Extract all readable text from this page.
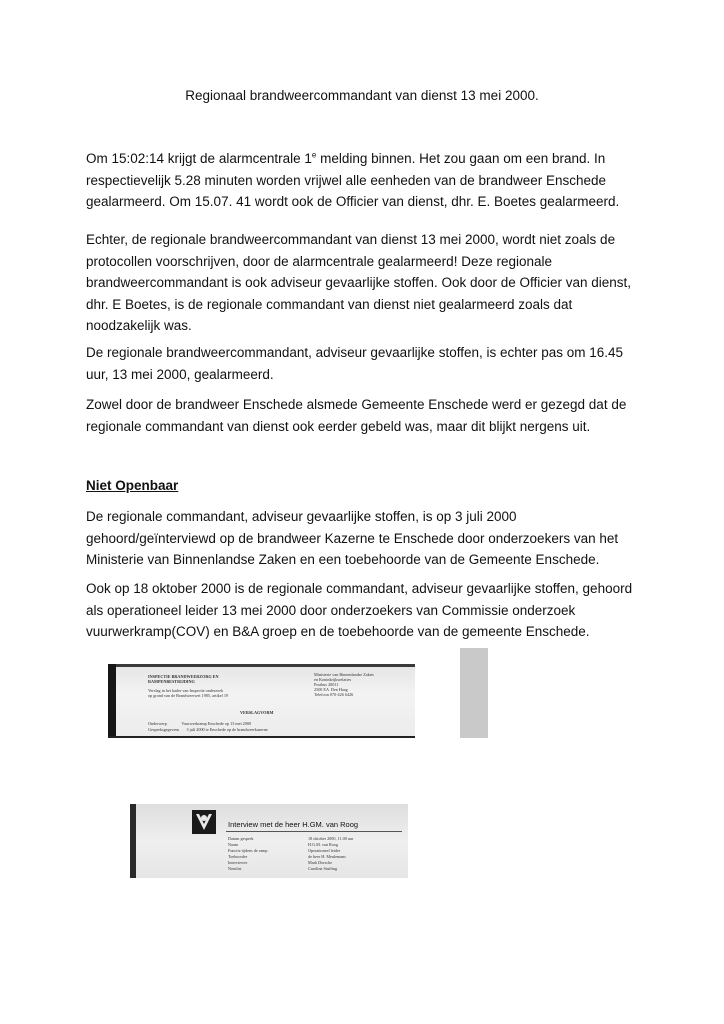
Regionaal brandweercommandant van dienst 13 mei 2000.

Om 15:02:14 krijgt de alarmcentrale 1e melding binnen. Het zou gaan om een brand. In respectievelijk 5.28 minuten worden vrijwel alle eenheden van de brandweer Enschede gealarmeerd. Om 15.07. 41 wordt ook de Officier van dienst, dhr. E. Boetes gealarmeerd.

Echter, de regionale brandweercommandant van dienst 13 mei 2000, wordt niet zoals de protocollen voorschrijven, door de alarmcentrale gealarmeerd! Deze regionale brandweercommandant is ook adviseur gevaarlijke stoffen. Ook door de Officier van dienst, dhr. E Boetes, is de regionale commandant van dienst niet gealarmeerd zoals dat noodzakelijk was.

De regionale brandweercommandant, adviseur gevaarlijke stoffen, is echter pas om 16.45 uur, 13 mei 2000, gealarmeerd.

Zowel door de brandweer Enschede alsmede Gemeente Enschede werd er gezegd dat de regionale commandant van dienst ook eerder gebeld was, maar dit blijkt nergens uit.

Niet Openbaar

De regionale commandant, adviseur gevaarlijke stoffen, is op 3 juli 2000 gehoord/geïnterviewd op de brandweer Kazerne te Enschede door onderzoekers van het Ministerie van Binnenlandse Zaken en een toebehoorde van de Gemeente Enschede.

Ook op 18 oktober 2000 is de regionale commandant, adviseur gevaarlijke stoffen, gehoord als operationeel leider 13 mei 2000 door onderzoekers van Commissie onderzoek vuurwerkramp(COV) en B&A groep en de toebehoorde van de gemeente Enschede.

INSPECTIE BRANDWEERZORG EN
RAMPENBESTRIJDING
Verslag in het kader van Inspectie onderzoek
op grond van de Brandweerwet 1985, artikel 19
Ministerie van Binnenlandse Zaken
en Koninkrijksrelaties
Postbus 20011
2500 EA  Den Haag
Telefoon 070-426 6426
VERSLAGVORM
Onderwerp              Vuurwerkramp Enschede op 13 mei 2000
Gespreksgegevens       3 juli 2000 te Enschede op de brandweerkazerne
Interview met de heer H.GM. van Roog
Datum gesprek	18 oktober 2000, 11.00 uur
Naam	H.G.M. van Roog
Functie tijdens de ramp	Operationeel leider
Toehoorder	de heer H. Meulemans
Interviewer	Mark Dorsche
Notulist	Caroline Stuffing
